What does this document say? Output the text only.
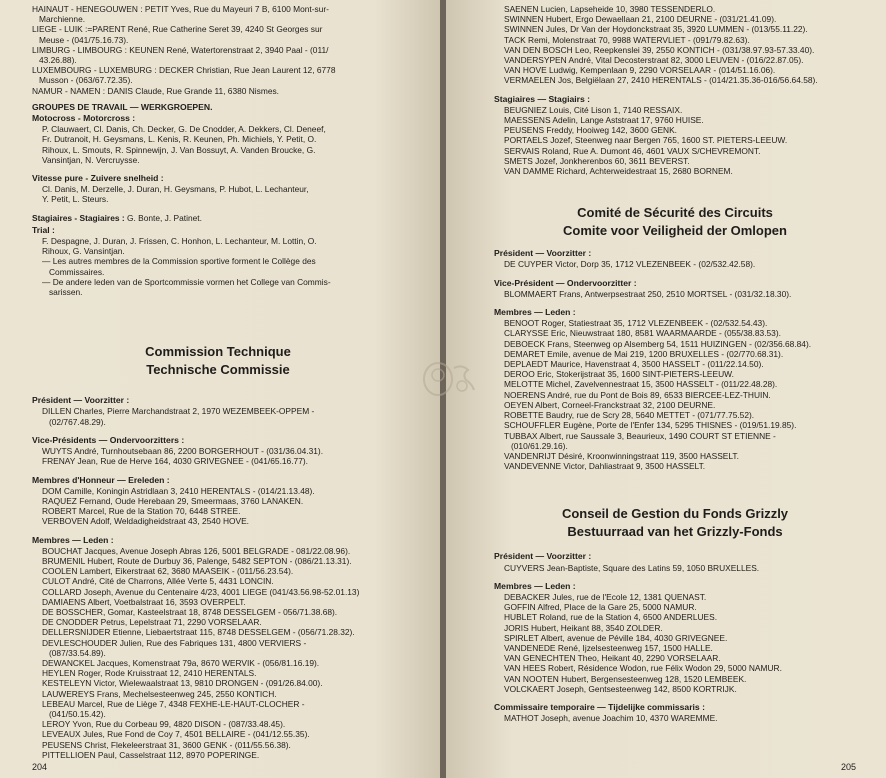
HAINAUT - HENEGOUWEN : PETIT Yves, Rue du Mayeuri 7 B, 6100 Mont-sur-
Marchienne.
LIEGE - LUIK :=PARENT René, Rue Catherine Seret 39, 4240 St Georges sur
Meuse - (041/75.16.73).
LIMBURG - LIMBOURG : KEUNEN René, Watertorenstraat 2, 3940 Paal - (011/
43.26.88).
LUXEMBOURG - LUXEMBURG : DECKER Christian, Rue Jean Laurent 12, 6778
Musson - (063/67.72.35).
NAMUR - NAMEN : DANIS Claude, Rue Grande 11, 6380 Nismes.
GROUPES DE TRAVAIL — WERKGROEPEN.
Motocross - Motorcross :
P. Clauwaert, Cl. Danis, Ch. Decker, G. De Cnodder, A. Dekkers, Cl. Deneef,
Fr. Dutranoit, H. Geysmans, L. Kenis, R. Keunen, Ph. Michiels, Y. Petit, O.
Rihoux, L. Smouts, R. Spinnewijn, J. Van Bossuyt, A. Vanden Broucke, G.
Vansintjan, N. Vercruysse.
Vitesse pure - Zuivere snelheid :
Cl. Danis, M. Derzelle, J. Duran, H. Geysmans, P. Hubot, L. Lechanteur,
Y. Petit, L. Steurs.
Stagiaires - Stagiaires : G. Bonte, J. Patinet.
Trial :
F. Despagne, J. Duran, J. Frissen, C. Honhon, L. Lechanteur, M. Lottin, O.
Rihoux, G. Vansintjan.
— Les autres membres de la Commission sportive forment le Collège des
Commissaires.
— De andere leden van de Sportcommissie vormen het College van Commis-
sarissen.
Commission Technique
Technische Commissie
Président — Voorzitter :
DILLEN Charles, Pierre Marchandstraat 2, 1970 WEZEMBEEK-OPPEM -
(02/767.48.29).
Vice-Présidents — Ondervoorzitters :
WUYTS André, Turnhoutsebaan 86, 2200 BORGERHOUT - (031/36.04.31).
FRENAY Jean, Rue de Herve 164, 4030 GRIVEGNEE - (041/65.16.77).
Membres d'Honneur — Ereleden :
DOM Camille, Koningin Astridlaan 3, 2410 HERENTALS - (014/21.13.48).
RAQUEZ Fernand, Oude Herebaan 29, Smeermaas, 3760 LANAKEN.
ROBERT Marcel, Rue de la Station 70, 6448 STREE.
VERBOVEN Adolf, Weldadigheidstraat 43, 2540 HOVE.
Membres — Leden :
BOUCHAT Jacques, Avenue Joseph Abras 126, 5001 BELGRADE - 081/22.08.96).
BRUMENIL Hubert, Route de Durbuy 36, Palenge, 5482 SEPTON - (086/21.13.31).
COOLEN Lambert, Eikerstraat 62, 3680 MAASEIK - (011/56.23.54).
CULOT André, Cité de Charrons, Allée Verte 5, 4431 LONCIN.
COLLARD Joseph, Avenue du Centenaire 4/23, 4001 LIEGE (041/43.56.98-52.01.13)
DAMIAENS Albert, Voetbalstraat 16, 3593 OVERPELT.
DE BOSSCHER, Gomar, Kasteelstraat 18, 8748 DESSELGEM - 056/71.38.68).
DE CNODDER Petrus, Lepelstraat 71, 2290 VORSELAAR.
DELLERSNIJDER Etienne, Liebaertstraat 115, 8748 DESSELGEM - (056/71.28.32).
DEVLESCHOUDER Julien, Rue des Fabriques 131, 4800 VERVIERS -
(087/33.54.89).
DEWANCKEL Jacques, Komenstraat 79a, 8670 WERVIK - (056/81.16.19).
HEYLEN Roger, Rode Kruisstraat 12, 2410 HERENTALS.
KESTELEYN Victor, Wielewaalstraat 13, 9810 DRONGEN - (091/26.84.00).
LAUWEREYS Frans, Mechelsesteenweg 245, 2550 KONTICH.
LEBEAU Marcel, Rue de Liège 7, 4348 FEXHE-LE-HAUT-CLOCHER -
(041/50.15.42).
LEROY Yvon, Rue du Corbeau 99, 4820 DISON - (087/33.48.45).
LEVEAUX Jules, Rue Fond de Coy 7, 4501 BELLAIRE - (041/12.55.35).
PEUSENS Christ, Flekeleerstraat 31, 3600 GENK - (011/55.56.38).
PITTELLIOEN Paul, Casselstraat 112, 8970 POPERINGE.
204
SAENEN Lucien, Lapseheide 10, 3980 TESSENDERLO.
SWINNEN Hubert, Ergo Dewaellaan 21, 2100 DEURNE - (031/21.41.09).
SWINNEN Jules, Dr Van der Hoydonckstraat 35, 3920 LUMMEN - (013/55.11.22).
TACK Remi, Molenstraat 70, 9988 WATERVLIET - (091/79.82.63).
VAN DEN BOSCH Leo, Reepkenslei 39, 2550 KONTICH - (031/38.97.93-57.33.40).
VANDERSYPEN André, Vital Decosterstraat 82, 3000 LEUVEN - (016/22.87.05).
VAN HOVE Ludwig, Kempenlaan 9, 2290 VORSELAAR - (014/51.16.06).
VERMAELEN Jos, Belgiëlaan 27, 2410 HERENTALS - (014/21.35.36-016/56.64.58).
Stagiaires — Stagiairs :
BEUGNIEZ Louis, Cité Lison 1, 7140 RESSAIX.
MAESSENS Adelin, Lange Aststraat 17, 9760 HUISE.
PEUSENS Freddy, Hooiweg 142, 3600 GENK.
PORTAELS Jozef, Steenweg naar Bergen 765, 1600 ST. PIETERS-LEEUW.
SERVAIS Roland, Rue A. Dumont 46, 4601 VAUX S/CHEVREMONT.
SMETS Jozef, Jonkherenbos 60, 3611 BEVERST.
VAN DAMME Richard, Achterweidestraat 15, 2680 BORNEM.
Comité de Sécurité des Circuits
Comite voor Veiligheid der Omlopen
Président — Voorzitter :
DE CUYPER Victor, Dorp 35, 1712 VLEZENBEEK - (02/532.42.58).
Vice-Président — Ondervoorzitter :
BLOMMAERT Frans, Antwerpsestraat 250, 2510 MORTSEL - (031/32.18.30).
Membres — Leden :
BENOOT Roger, Statiestraat 35, 1712 VLEZENBEEK - (02/532.54.43).
CLARYSSE Eric, Nieuwstraat 180, 8581 WAARMAARDE - (055/38.83.53).
DEBOECK Frans, Steenweg op Alsemberg 54, 1511 HUIZINGEN - (02/356.68.84).
DEMARET Emile, avenue de Mai 219, 1200 BRUXELLES - (02/770.68.31).
DEPLAEDT Maurice, Havenstraat 4, 3500 HASSELT - (011/22.14.50).
DEROO Eric, Stokerijstraat 35, 1600 SINT-PIETERS-LEEUW.
MELOTTE Michel, Zavelvennestraat 15, 3500 HASSELT - (011/22.48.28).
NOERENS André, rue du Pont de Bois 89, 6533 BIERCEE-LEZ-THUIN.
OEYEN Albert, Corneel-Franckstraat 32, 2100 DEURNE.
ROBETTE Baudry, rue de Scry 28, 5640 METTET - (071/77.75.52).
SCHOUFFLER Eugène, Porte de l'Enfer 134, 5295 THISNES - (019/51.19.85).
TUBBAX Albert, rue Saussale 3, Beaurieux, 1490 COURT ST ETIENNE -
(010/61.29.16).
VANDENRIJT Désiré, Kroonwinningstraat 119, 3500 HASSELT.
VANDEVENNE Victor, Dahliastraat 9, 3500 HASSELT.
Conseil de Gestion du Fonds Grizzly
Bestuurraad van het Grizzly-Fonds
Président — Voorzitter :
CUYVERS Jean-Baptiste, Square des Latins 59, 1050 BRUXELLES.
Membres — Leden :
DEBACKER Jules, rue de l'Ecole 12, 1381 QUENAST.
GOFFIN Alfred, Place de la Gare 25, 5000 NAMUR.
HUBLET Roland, rue de la Station 4, 6500 ANDERLUES.
JORIS Hubert, Heikant 88, 3540 ZOLDER.
SPIRLET Albert, avenue de Péville 184, 4030 GRIVEGNEE.
VANDENEDE René, Ijzelsesteenweg 157, 1500 HALLE.
VAN GENECHTEN Theo, Heikant 40, 2290 VORSELAAR.
VAN HEES Robert, Résidence Wodon, rue Félix Wodon 29, 5000 NAMUR.
VAN NOOTEN Hubert, Bergensesteenweg 128, 1520 LEMBEEK.
VOLCKAERT Joseph, Gentsesteenweg 142, 8500 KORTRIJK.
Commissaire temporaire — Tijdelijke commissaris :
MATHOT Joseph, avenue Joachim 10, 4370 WAREMME.
205
